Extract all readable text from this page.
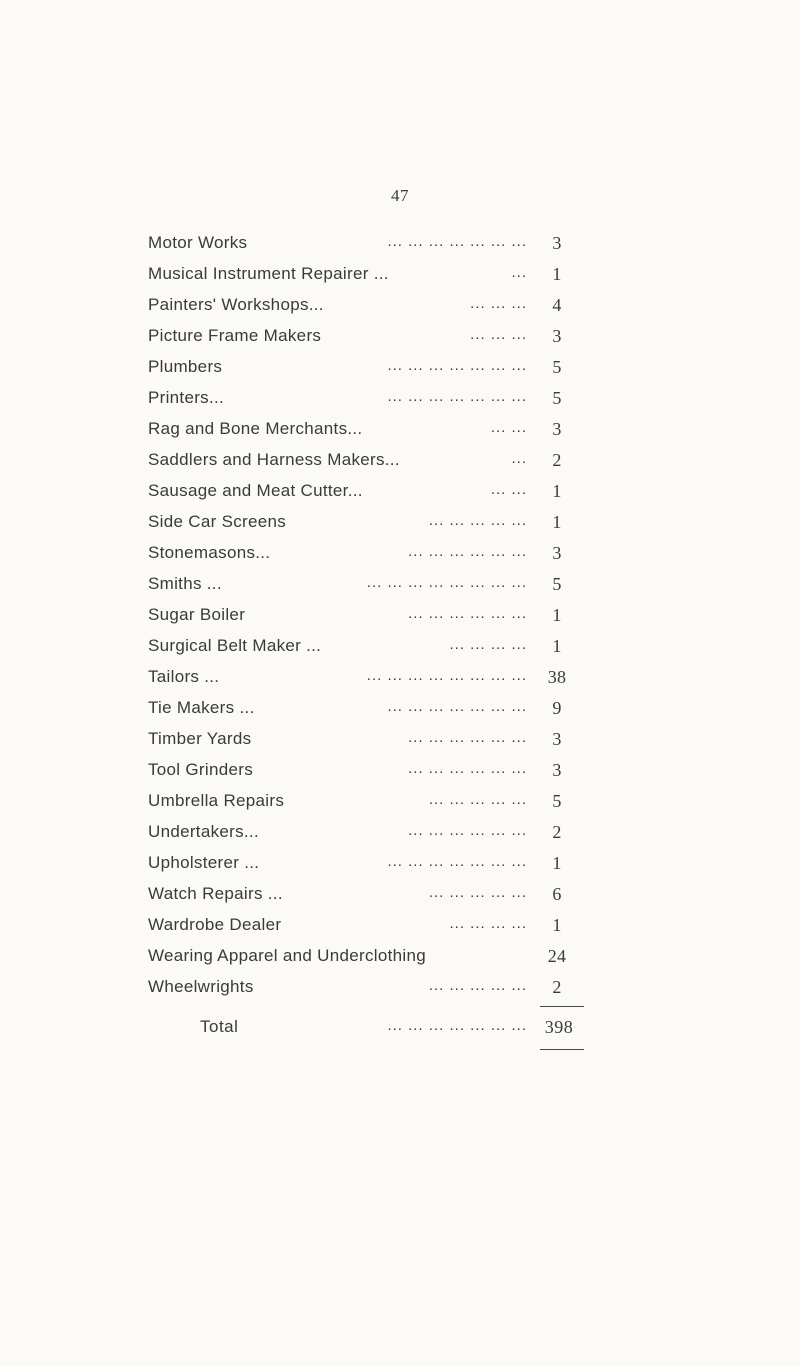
47
Motor Works	... ... ... ... ... ... ...	3
Musical Instrument Repairer ...	...	1
Painters' Workshops...	... ... ...	4
Picture Frame Makers	... ... ...	3
Plumbers	... ... ... ... ... ... ...	5
Printers...	... ... ... ... ... ... ...	5
Rag and Bone Merchants...	... ...	3
Saddlers and Harness Makers...	...	2
Sausage and Meat Cutter...	... ...	1
Side Car Screens	... ... ... ... ...	1
Stonemasons...	... ... ... ... ... ...	3
Smiths ...	... ... ... ... ... ... ... ...	5
Sugar Boiler	... ... ... ... ... ...	1
Surgical Belt Maker ...	... ... ... ...	1
Tailors ...	... ... ... ... ... ... ... ...	38
Tie Makers ...	... ... ... ... ... ... ...	9
Timber Yards	... ... ... ... ... ...	3
Tool Grinders	... ... ... ... ... ...	3
Umbrella Repairs	... ... ... ... ...	5
Undertakers...	... ... ... ... ... ...	2
Upholsterer ...	... ... ... ... ... ... ...	1
Watch Repairs ...	... ... ... ... ...	6
Wardrobe Dealer	... ... ... ...	1
Wearing Apparel and Underclothing	24
Wheelwrights	... ... ... ... ...	2
Total	... ... ... ... ... ... ... 398
